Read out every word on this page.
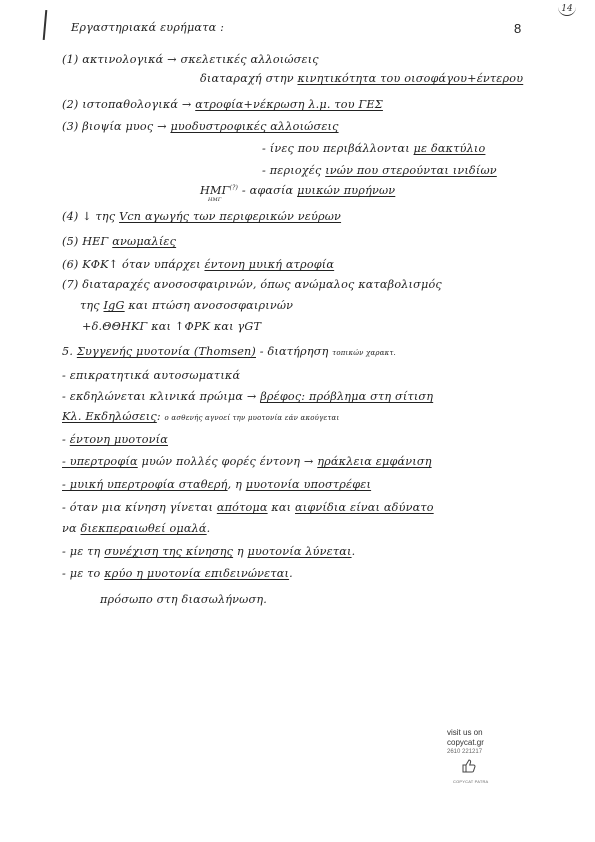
8
14
Εργαστηριακά ευρήματα :
(1) ακτινολογικά → σκελετικές αλλοιώσεις
διαταραχή στην κινητικότητα του οισοφάγου+έντερου
(2) ιστοπαθολογικά → ατροφία+νέκρωση λ.μ. του ΓΕΣ
(3) βιοψία μυος → μυοδυστροφικές αλλοιώσεις
- ίνες που περιβάλλονται με δακτύλιο
- περιοχές ινών που στερούνται ινιδίων
HMΓ(?)
ΗΜΓ
- αφασία μυικών πυρήνων
(4) ↓ της Vcn αγωγής των περιφερικών νεύρων
(5) ΗΕΓ ανωμαλίες
(6) ΚΦΚ↑ όταν υπάρχει έντονη μυική ατροφία
(7) διαταραχές ανοσοσφαιρινών, όπως ανώμαλος καταβολισμός
της IgG και πτώση ανοσοσφαιρινών
+δ.ΘΘΗΚΓ και ↑ΦΡΚ και γGT
5. Συγγενής μυοτονία (Thomsen) - διατήρηση τοπικών χαρακτ.
- επικρατητικά αυτοσωματικά
- εκδηλώνεται κλινικά πρώιμα → βρέφος: πρόβλημα στη σίτιση
Κλ. Εκδηλώσεις: ο ασθενής αγνοεί την μυοτονία εάν ακούγεται
- έντονη μυοτονία
- υπερτροφία μυών πολλές φορές έντονη → ηράκλεια εμφάνιση
- μυική υπερτροφία σταθερή, η μυοτονία υποστρέφει
- όταν μια κίνηση γίνεται απότομα και αιφνίδια είναι αδύνατο
να διεκπεραιωθεί ομαλά.
- με τη συνέχιση της κίνησης η μυοτονία λύνεται.
- με το κρύο η μυοτονία επιδεινώνεται.
πρόσωπο στη διασωλήνωση.
visit us on
copycat.gr
2610 221217
COPYCAT PATRA
